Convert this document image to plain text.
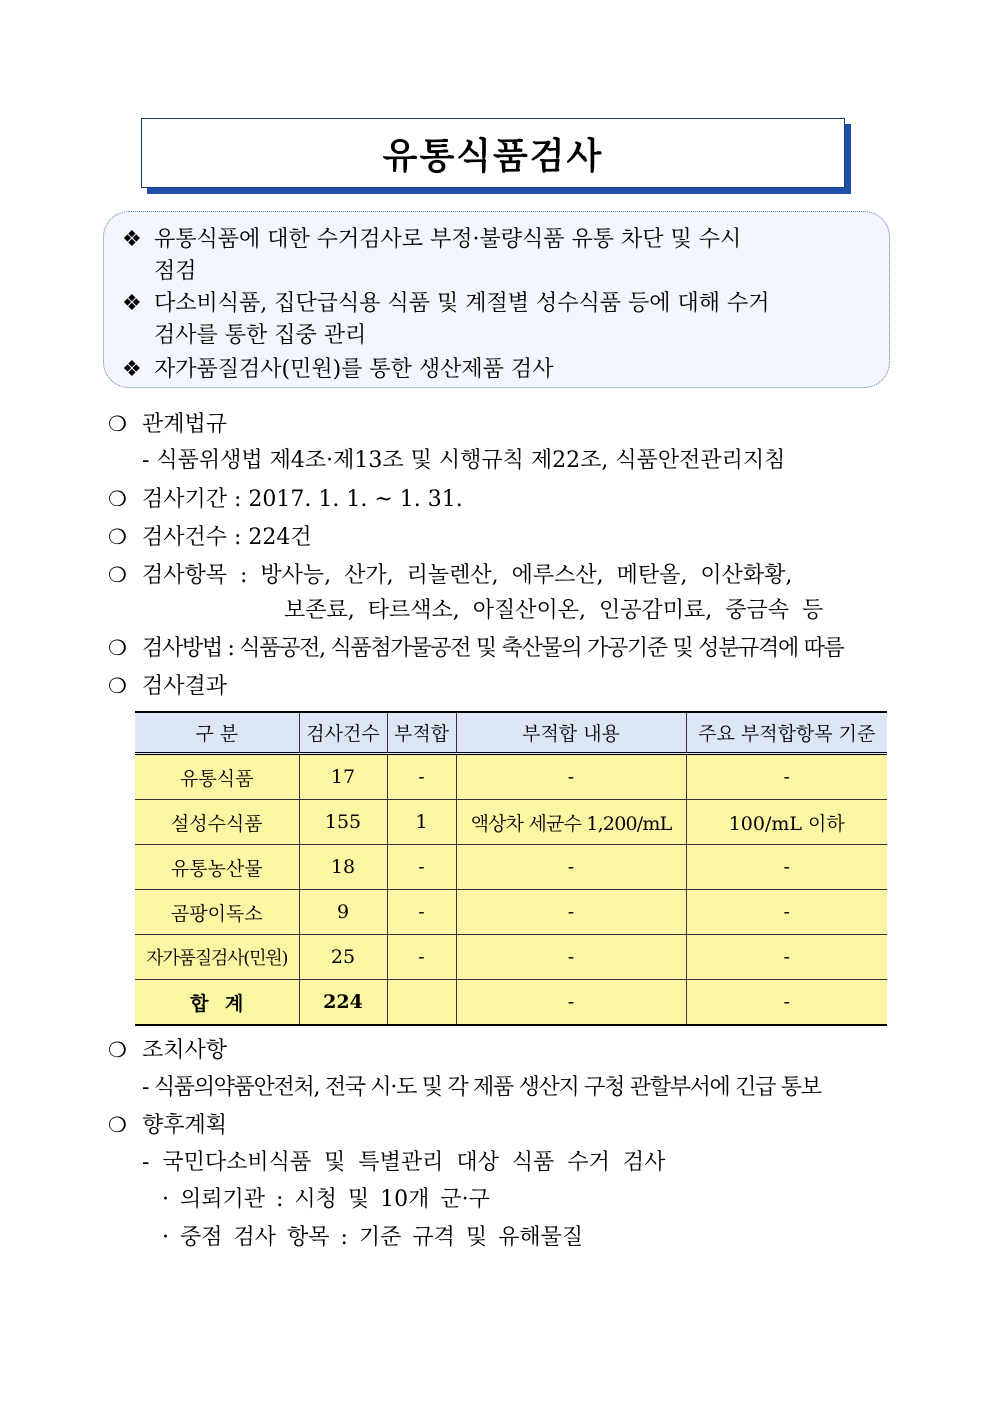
유통식품검사
❖ 유통식품에 대한 수거검사로 부정·불량식품 유통 차단 및 수시

점검
❖ 다소비식품, 집단급식용 식품 및 계절별 성수식품 등에 대해 수거

검사를 통한 집중 관리
❖ 자가품질검사(민원)를 통한 생산제품 검사
❍ 관계법규
- 식품위생법 제4조·제13조 및 시행규칙 제22조, 식품안전관리지침
❍ 검사기간 : 2017. 1. 1. ~ 1. 31.
❍ 검사건수 : 224건
❍ 검사항목 : 방사능, 산가, 리놀렌산, 에루스산, 메탄올, 이산화황,
보존료, 타르색소, 아질산이온, 인공감미료, 중금속 등
❍ 검사방법 : 식품공전, 식품첨가물공전 및 축산물의 가공기준 및 성분규격에 따름
❍ 검사결과
구 분	검사건수	부적합	부적합 내용	주요 부적합항목 기준
유통식품	17	-	-	-
설성수식품	155	1	액상차 세균수 1,200/mL	100/mL 이하
유통농산물	18	-	-	-
곰팡이독소	9	-	-	-
자가품질검사(민원)	25	-	-	-
합 계	224		-	-
❍ 조치사항
- 식품의약품안전처, 전국 시·도 및 각 제품 생산지 구청 관할부서에 긴급 통보
❍ 향후계획
- 국민다소비식품 및 특별관리 대상 식품 수거 검사
· 의뢰기관 : 시청 및 10개 군·구
· 중점 검사 항목 : 기준 규격 및 유해물질
